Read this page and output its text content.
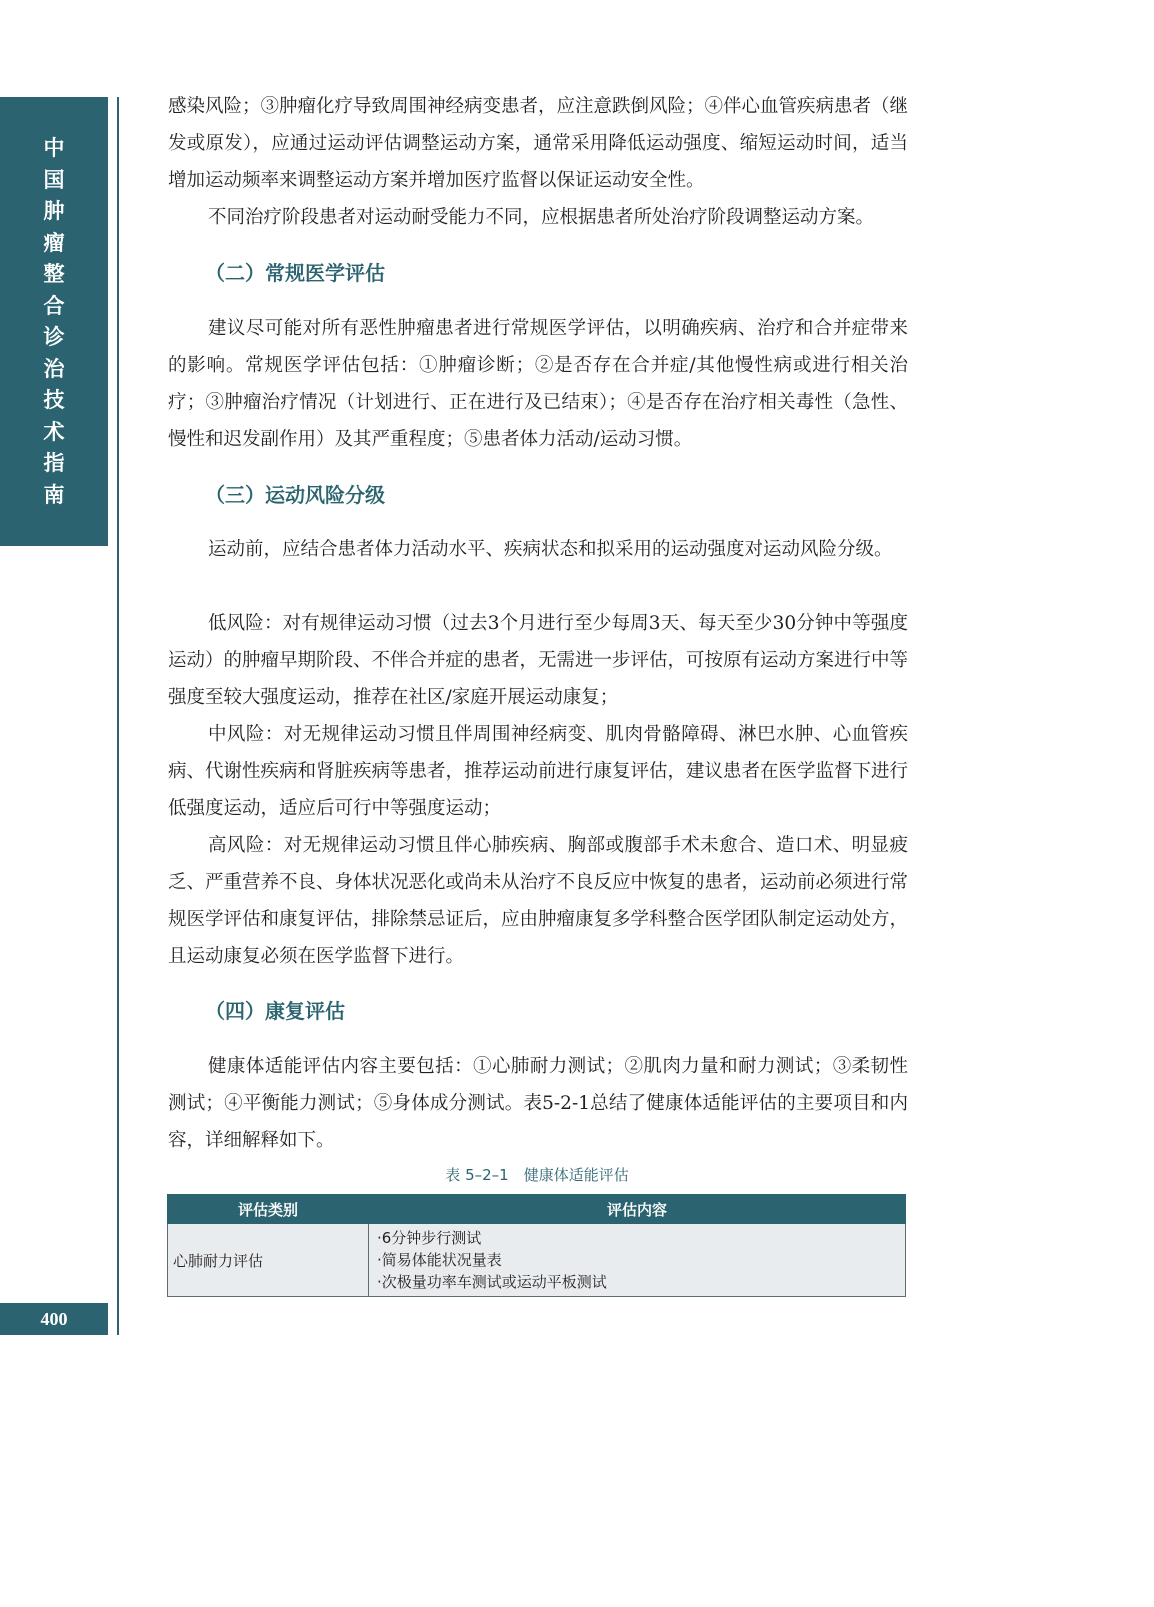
中
国
肿
瘤
整
合
诊
治
技
术
指
南
400

感染风险；③肿瘤化疗导致周围神经病变患者，应注意跌倒风险；④伴心血管疾病患者（继发或原发），应通过运动评估调整运动方案，通常采用降低运动强度、缩短运动时间，适当增加运动频率来调整运动方案并增加医疗监督以保证运动安全性。

不同治疗阶段患者对运动耐受能力不同，应根据患者所处治疗阶段调整运动方案。

（二）常规医学评估

建议尽可能对所有恶性肿瘤患者进行常规医学评估，以明确疾病、治疗和合并症带来的影响。常规医学评估包括：①肿瘤诊断；②是否存在合并症/其他慢性病或进行相关治疗；③肿瘤治疗情况（计划进行、正在进行及已结束）；④是否存在治疗相关毒性（急性、慢性和迟发副作用）及其严重程度；⑤患者体力活动/运动习惯。

（三）运动风险分级

运动前，应结合患者体力活动水平、疾病状态和拟采用的运动强度对运动风险分级。

低风险：对有规律运动习惯（过去3个月进行至少每周3天、每天至少30分钟中等强度运动）的肿瘤早期阶段、不伴合并症的患者，无需进一步评估，可按原有运动方案进行中等强度至较大强度运动，推荐在社区/家庭开展运动康复；

中风险：对无规律运动习惯且伴周围神经病变、肌肉骨骼障碍、淋巴水肿、心血管疾病、代谢性疾病和肾脏疾病等患者，推荐运动前进行康复评估，建议患者在医学监督下进行低强度运动，适应后可行中等强度运动；

高风险：对无规律运动习惯且伴心肺疾病、胸部或腹部手术未愈合、造口术、明显疲乏、严重营养不良、身体状况恶化或尚未从治疗不良反应中恢复的患者，运动前必须进行常规医学评估和康复评估，排除禁忌证后，应由肿瘤康复多学科整合医学团队制定运动处方，且运动康复必须在医学监督下进行。

（四）康复评估

健康体适能评估内容主要包括：①心肺耐力测试；②肌肉力量和耐力测试；③柔韧性测试；④平衡能力测试；⑤身体成分测试。表5-2-1总结了健康体适能评估的主要项目和内容，详细解释如下。

表 5–2–1　健康体适能评估
评估类别	评估内容
心肺耐力评估	·6分钟步行测试
·简易体能状况量表
·次极量功率车测试或运动平板测试
